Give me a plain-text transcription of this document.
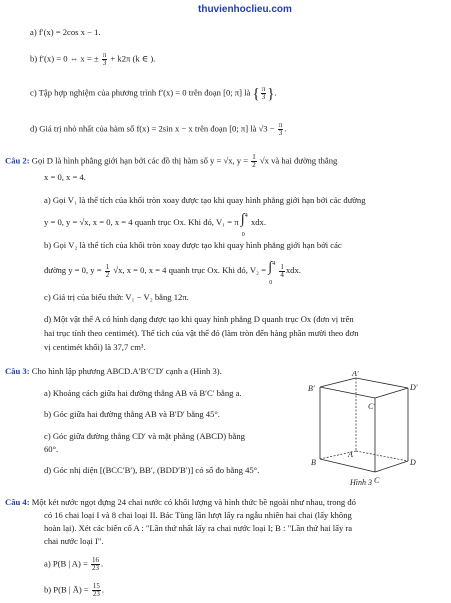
thuvienhoclieu.com
a) f′(x) = 2cos x − 1.
b) f′(x) = 0 ⇔ x = ± $\frac{\pi}{3} + k2\pi$ (k ∈ ).
c) Tập hợp nghiệm của phương trình f′(x) = 0 trên đoạn [0; π] là { $\frac{\pi}{3}$ }.
d) Giá trị nhỏ nhất của hàm số f(x) = 2sin x − x trên đoạn [0; π] là $√3 - \frac{\pi}{3}$ .
Câu 2: Gọi D là hình phẳng giới hạn bởi các đồ thị hàm số y = √x, $y = \frac{1}{2} √x$ và hai đường thẳng
x = 0, x = 4.
a) Gọi V₁ là thể tích của khối tròn xoay được tạo khi quay hình phẳng giới hạn bởi các đường
y = 0, y = √x, x = 0, x = 4 quanh trục Ox. Khi đó, V₁ = π
4
∫
0
xdx.
b) Gọi V₂ là thể tích của khối tròn xoay được tạo khi quay hình phẳng giới hạn bởi các
đường y = 0, $y = \frac{1}{2} √x$, x = 0, x = 4 quanh trục Ox. Khi đó, V₂ =
4
∫
0

$\frac{1}{4}$ xdx.
c) Giá trị của biểu thức V₁ − V₂ bằng 12π.
d) Một vật thể A có hình dạng được tạo khi quay hình phẳng D quanh trục Ox (đơn vị trên
hai trục tính theo centimét). Thể tích của vật thể đó (làm tròn đến hàng phần mười theo đơn
vị centimét khối) là 37,7 cm³.
Câu 3: Cho hình lập phương ABCD.A′B′C′D′ cạnh a (Hình 3).
a) Khoảng cách giữa hai đường thẳng AB và B′C′ bằng a.
b) Góc giữa hai đường thẳng AB và B′D′ bằng 45°.
c) Góc giữa đường thẳng CD′ và mặt phẳng (ABCD) bằng
60°.
d) Góc nhị diện [(BCC′B′), BB′, (BDD′B′)] có số đo bằng 45°.
A′
D′
B′
C′
A
D
B
C
Hình 3
Câu 4: Một két nước ngọt đựng 24 chai nước có khối lượng và hình thức bề ngoài như nhau, trong đó
có 16 chai loại I và 8 chai loại II. Bác Tùng lần lượt lấy ra ngẫu nhiên hai chai (lấy không
hoàn lại). Xét các biến cố A : "Lần thứ nhất lấy ra chai nước loại I; B : "Lần thứ hai lấy ra
chai nước loại I".
a) P(B | $A) = \frac{16}{23}$ .
b) P(B | Ā) = $\frac{15}{23}$ .
